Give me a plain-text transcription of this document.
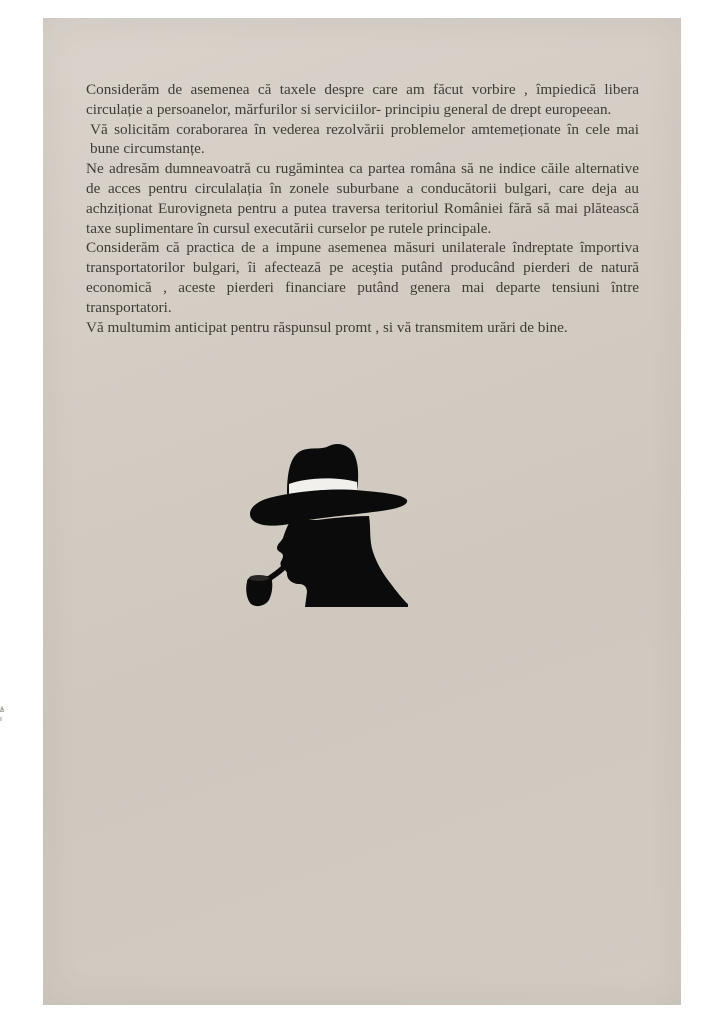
Considerăm de asemenea că taxele despre care am făcut vorbire , împiedică libera circulație a persoanelor, mărfurilor si serviciilor- principiu general de drept europeean.

Vă solicităm coraborarea în vederea rezolvării problemelor amtemeționate în cele mai bune circumstanțe.

Ne adresăm dumneavoatră cu rugămintea ca partea româna să ne indice căile alternative de acces pentru circulalația în zonele suburbane a conducătorii bulgari, care deja au achziționat Eurovigneta pentru a putea traversa teritoriul României fără să mai plătească taxe suplimentare în cursul executării curselor pe rutele principale.

Considerăm că practica de a impune asemenea măsuri unilaterale îndreptate împortiva transportatorilor bulgari, îi afectează pe aceştia putând producând pierderi de natură economică , aceste pierderi financiare putând genera mai departe tensiuni între transportatori.

Vă multumim anticipat pentru răspunsul promt , si vă transmitem urări de bine.

ă
ı
